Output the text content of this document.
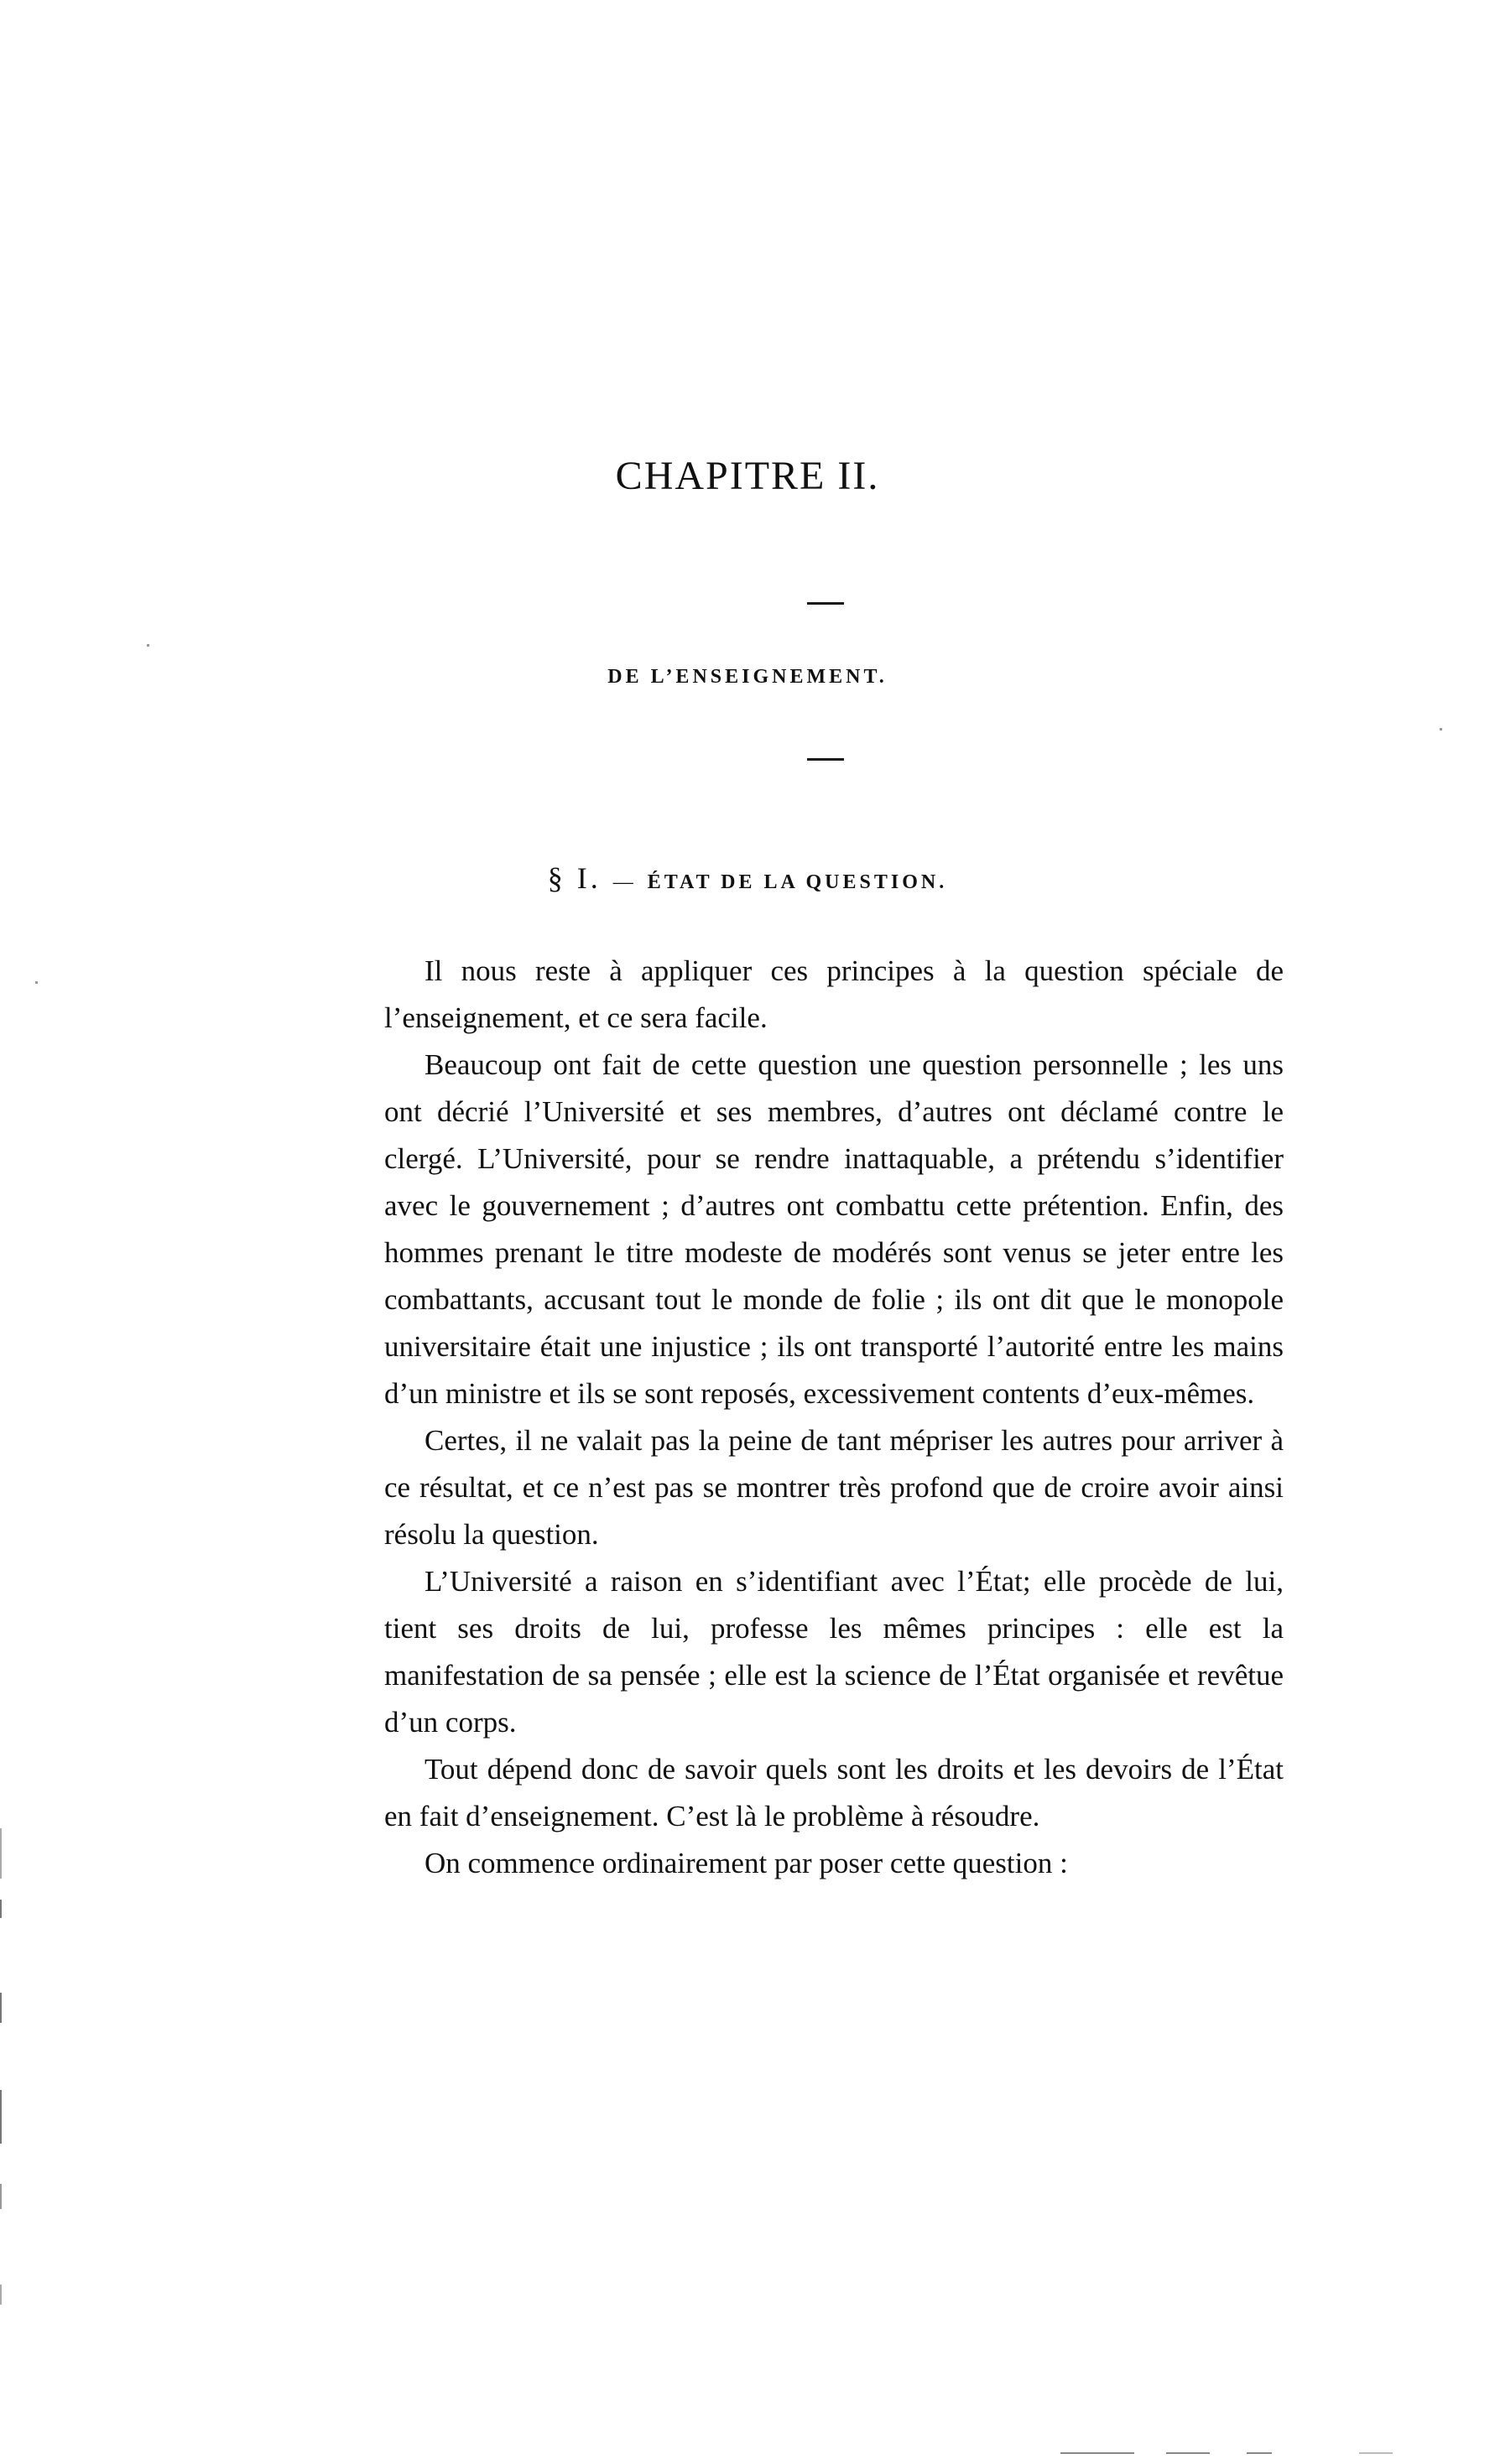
CHAPITRE II.
DE L’ENSEIGNEMENT.
§ I. — ÉTAT DE LA QUESTION.

Il nous reste à appliquer ces principes à la question spéciale de l’enseignement, et ce sera facile.

Beaucoup ont fait de cette question une question personnelle ; les uns ont décrié l’Université et ses membres, d’autres ont déclamé contre le clergé. L’Université, pour se rendre inattaquable, a prétendu s’identifier avec le gouvernement ; d’autres ont combattu cette prétention. Enfin, des hommes prenant le titre modeste de modérés sont venus se jeter entre les combattants, accusant tout le monde de folie ; ils ont dit que le monopole universitaire était une injustice ; ils ont transporté l’autorité entre les mains d’un ministre et ils se sont reposés, excessivement contents d’eux-mêmes.

Certes, il ne valait pas la peine de tant mépriser les autres pour arriver à ce résultat, et ce n’est pas se montrer très profond que de croire avoir ainsi résolu la question.

L’Université a raison en s’identifiant avec l’État; elle procède de lui, tient ses droits de lui, professe les mêmes principes : elle est la manifestation de sa pensée ; elle est la science de l’État organisée et revêtue d’un corps.

Tout dépend donc de savoir quels sont les droits et les devoirs de l’État en fait d’enseignement. C’est là le problème à résoudre.

On commence ordinairement par poser cette question :
